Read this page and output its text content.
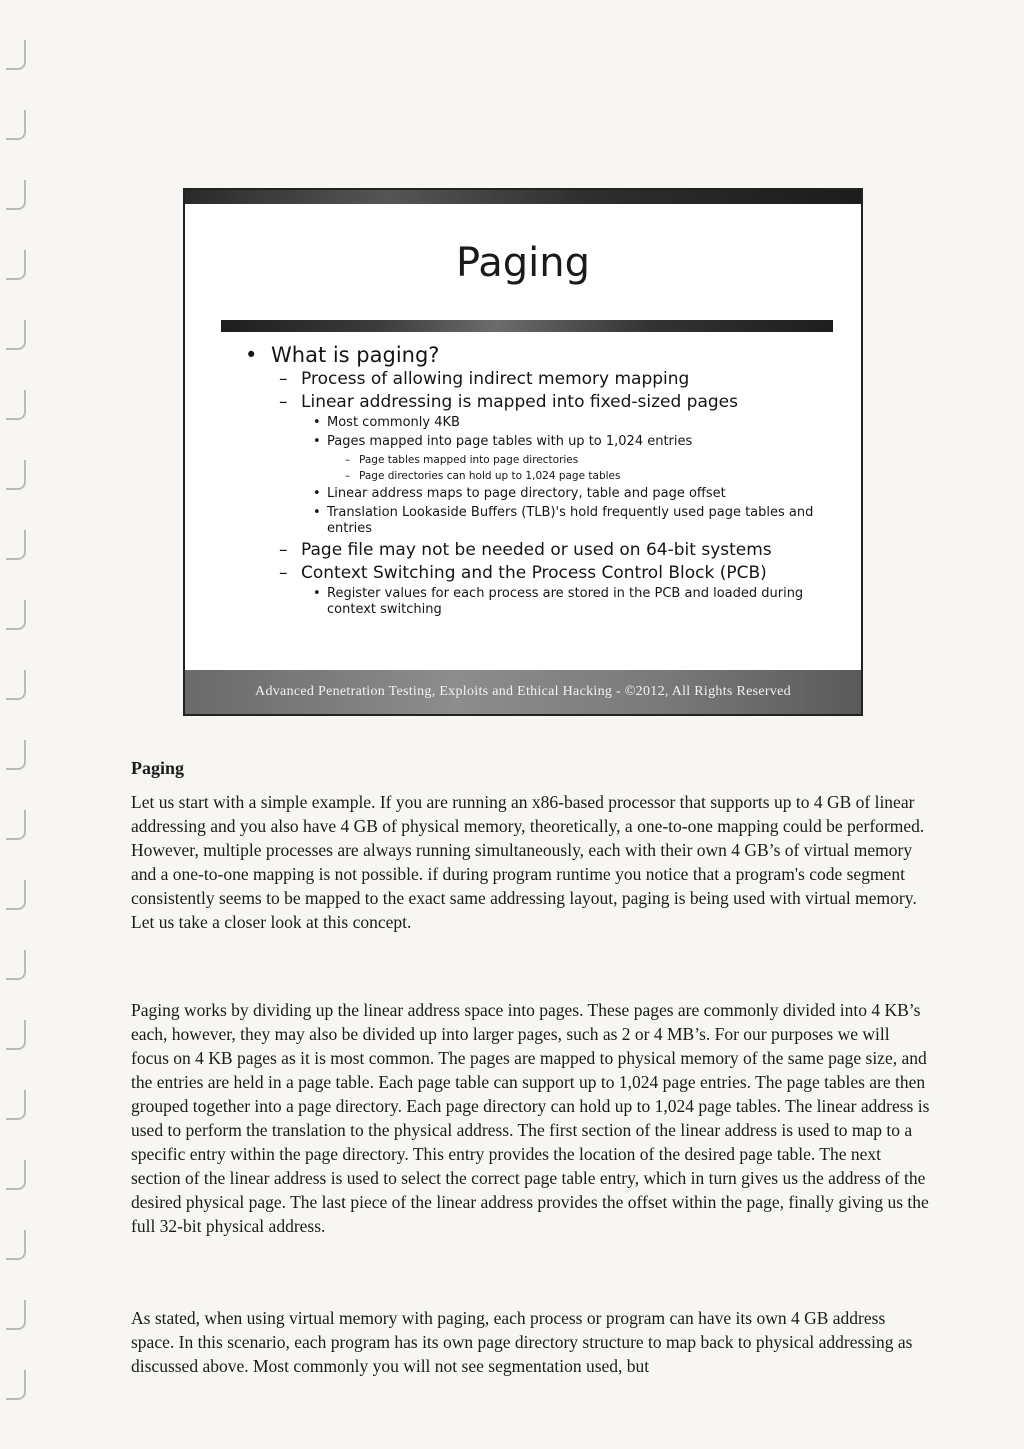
Paging
• What is paging?
– Process of allowing indirect memory mapping
– Linear addressing is mapped into fixed-sized pages
• Most commonly 4KB
• Pages mapped into page tables with up to 1,024 entries
– Page tables mapped into page directories
– Page directories can hold up to 1,024 page tables
• Linear address maps to page directory, table and page offset
• Translation Lookaside Buffers (TLB)'s hold frequently used page tables and entries
– Page file may not be needed or used on 64-bit systems
– Context Switching and the Process Control Block (PCB)
• Register values for each process are stored in the PCB and loaded during context switching
Advanced Penetration Testing, Exploits and Ethical Hacking - ©2012, All Rights Reserved
Paging

Let us start with a simple example. If you are running an x86-based processor that supports up to 4 GB of linear addressing and you also have 4 GB of physical memory, theoretically, a one-to-one mapping could be performed. However, multiple processes are always running simultaneously, each with their own 4 GB’s of virtual memory and a one-to-one mapping is not possible. if during program runtime you notice that a program's code segment consistently seems to be mapped to the exact same addressing layout, paging is being used with virtual memory. Let us take a closer look at this concept.

Paging works by dividing up the linear address space into pages. These pages are commonly divided into 4 KB’s each, however, they may also be divided up into larger pages, such as 2 or 4 MB’s. For our purposes we will focus on 4 KB pages as it is most common. The pages are mapped to physical memory of the same page size, and the entries are held in a page table. Each page table can support up to 1,024 page entries. The page tables are then grouped together into a page directory. Each page directory can hold up to 1,024 page tables. The linear address is used to perform the translation to the physical address. The first section of the linear address is used to map to a specific entry within the page directory. This entry provides the location of the desired page table. The next section of the linear address is used to select the correct page table entry, which in turn gives us the address of the desired physical page. The last piece of the linear address provides the offset within the page, finally giving us the full 32-bit physical address.

As stated, when using virtual memory with paging, each process or program can have its own 4 GB address space. In this scenario, each program has its own page directory structure to map back to physical addressing as discussed above. Most commonly you will not see segmentation used, but
